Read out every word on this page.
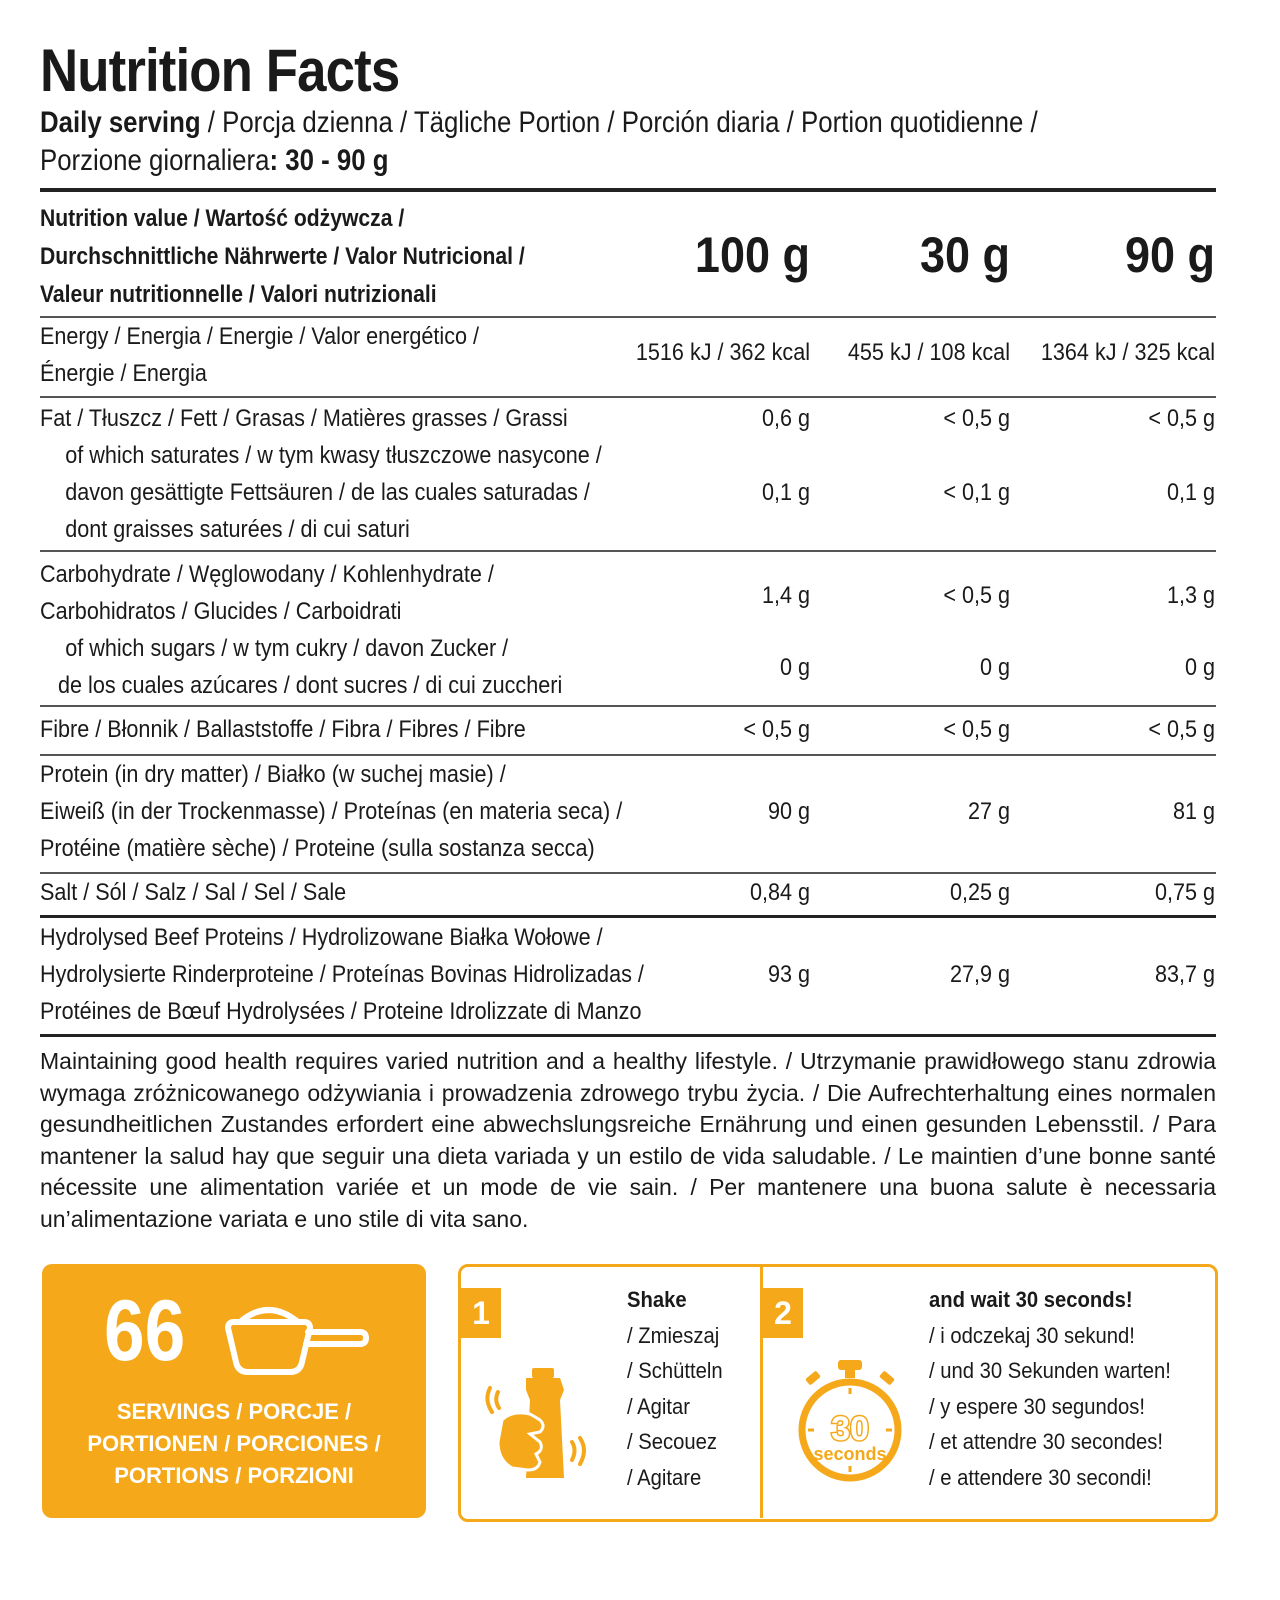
Nutrition Facts
Daily serving / Porcja dzienna / Tägliche Portion / Porción diaria / Portion quotidienne /
Porzione giornaliera: 30 - 90 g
Nutrition value / Wartość odżywcza /
Durchschnittliche Nährwerte / Valor Nutricional /
Valeur nutritionnelle / Valori nutrizionali
100 g	30 g	90 g
Energy / Energia / Energie / Valor energético /
Énergie / Energia
1516 kJ / 362 kcal	455 kJ / 108 kcal	1364 kJ / 325 kcal
Fat / Tłuszcz / Fett / Grasas / Matières grasses / Grassi	0,6 g	< 0,5 g	< 0,5 g
of which saturates / w tym kwasy tłuszczowe nasycone /
davon gesättigte Fettsäuren / de las cuales saturadas /
dont graisses saturées / di cui saturi
0,1 g	< 0,1 g	0,1 g
Carbohydrate / Węglowodany / Kohlenhydrate /
Carbohidratos / Glucides / Carboidrati
1,4 g	< 0,5 g	1,3 g
of which sugars / w tym cukry / davon Zucker /
de los cuales azúcares / dont sucres / di cui zuccheri
0 g	0 g	0 g
Fibre / Błonnik / Ballaststoffe / Fibra / Fibres / Fibre	< 0,5 g	< 0,5 g	< 0,5 g
Protein (in dry matter) / Białko (w suchej masie) /
Eiweiß (in der Trockenmasse) / Proteínas (en materia seca) /
Protéine (matière sèche) / Proteine (sulla sostanza secca)
90 g	27 g	81 g
Salt / Sól / Salz / Sal / Sel / Sale	0,84 g	0,25 g	0,75 g
Hydrolysed Beef Proteins / Hydrolizowane Białka Wołowe /
Hydrolysierte Rinderproteine / Proteínas Bovinas Hidrolizadas /
Protéines de Bœuf Hydrolysées / Proteine Idrolizzate di Manzo
93 g	27,9 g	83,7 g
Maintaining good health requires varied nutrition and a healthy lifestyle. / Utrzymanie prawidłowego stanu zdrowia wymaga zróżnicowanego odżywiania i prowadzenia zdrowego trybu życia. / Die Aufrechterhaltung eines normalen gesundheitlichen Zustandes erfordert eine abwechslungsreiche Ernährung und einen gesunden Lebensstil. / Para mantener la salud hay que seguir una dieta variada y un estilo de vida saludable. / Le maintien d’une bonne santé nécessite une alimentation variée et un mode de vie sain. / Per mantenere una buona salute è necessaria un’alimentazione variata e uno stile di vita sano.
66
SERVINGS / PORCJE /
PORTIONEN / PORCIONES /
PORTIONS / PORZIONI
1	Shake
/ Zmieszaj
/ Schütteln
/ Agitar
/ Secouez
/ Agitare
2
30
seconds
and wait 30 seconds!
/ i odczekaj 30 sekund!
/ und 30 Sekunden warten!
/ y espere 30 segundos!
/ et attendre 30 secondes!
/ e attendere 30 secondi!
